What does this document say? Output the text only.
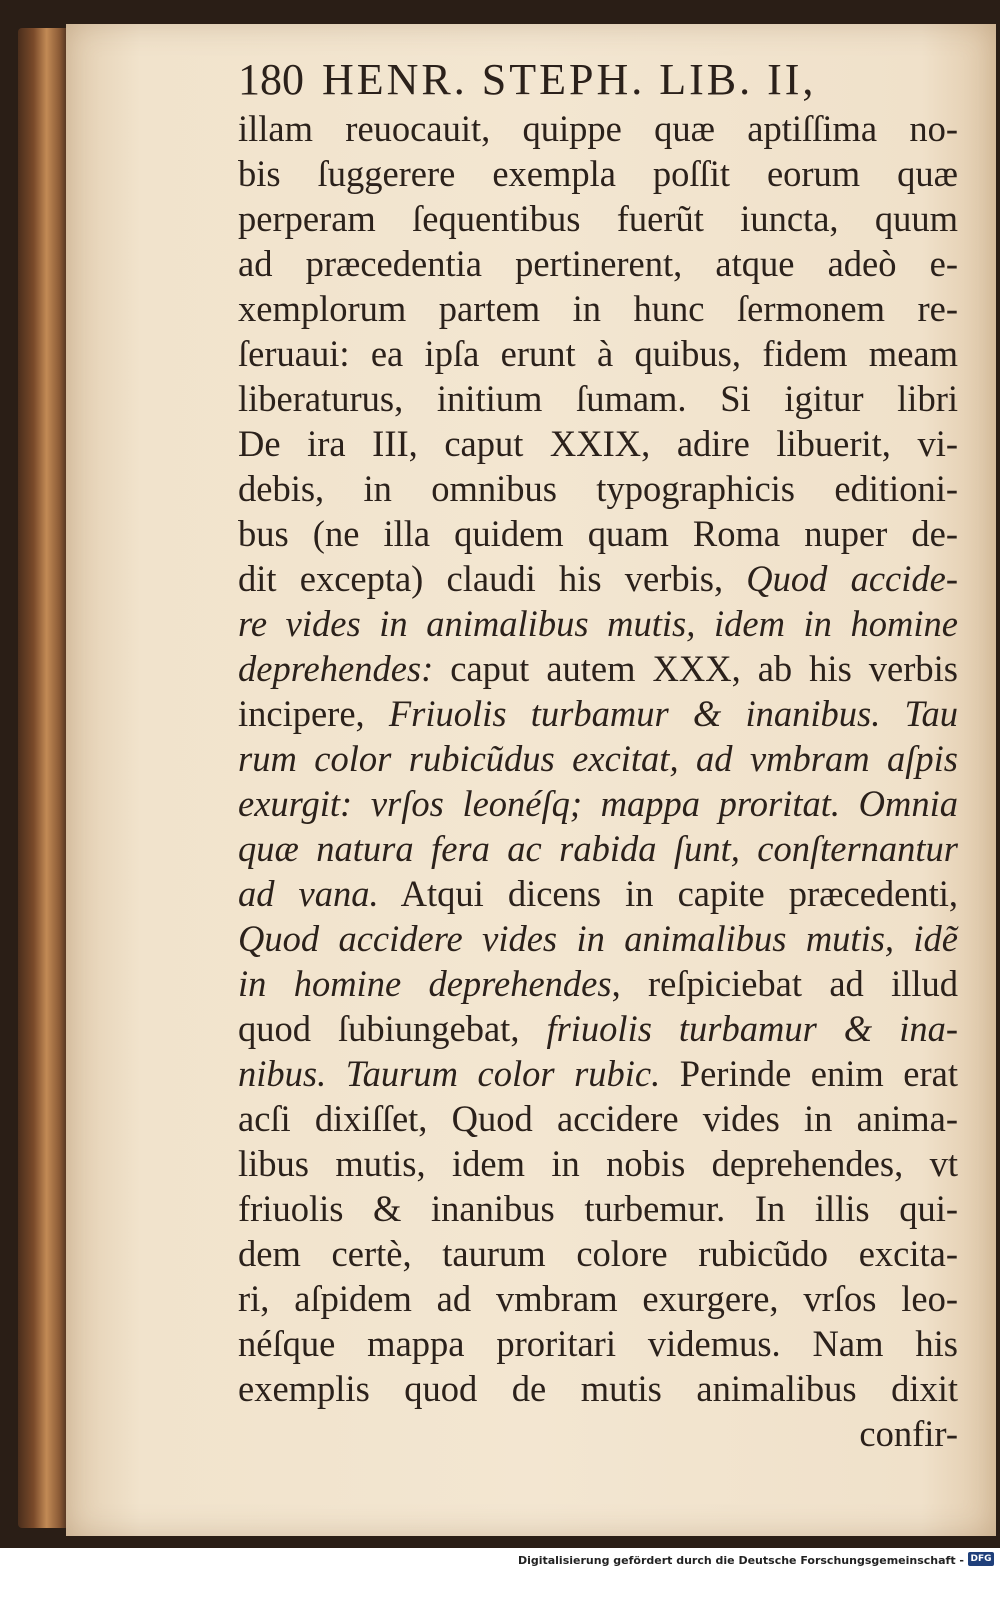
180 HENR. STEPH. LIB. II,
illam reuocauit, quippe quæ aptiſſima no-
bis ſuggerere exempla poſſit eorum quæ
perperam ſequentibus fuerũt iuncta, quum
ad præcedentia pertinerent, atque adeò e-
xemplorum partem in hunc ſermonem re-
ſeruaui: ea ipſa erunt à quibus, fidem meam
liberaturus, initium ſumam. Si igitur libri
De ira III, caput XXIX, adire libuerit, vi-
debis, in omnibus typographicis editioni-
bus (ne illa quidem quam Roma nuper de-
dit excepta) claudi his verbis, Quod accide-
re vides in animalibus mutis, idem in homine
deprehendes: caput autem XXX, ab his verbis
incipere, Friuolis turbamur & inanibus. Tau
rum color rubicũdus excitat, ad vmbram aſpis
exurgit: vrſos leonéſq; mappa proritat. Omnia
quæ natura fera ac rabida ſunt, conſternantur
ad vana. Atqui dicens in capite præcedenti,
Quod accidere vides in animalibus mutis, idẽ
in homine deprehendes, reſpiciebat ad illud
quod ſubiungebat, friuolis turbamur & ina-
nibus. Taurum color rubic. Perinde enim erat
acſi dixiſſet, Quod accidere vides in anima-
libus mutis, idem in nobis deprehendes, vt
friuolis & inanibus turbemur. In illis qui-
dem certè, taurum colore rubicũdo excita-
ri, aſpidem ad vmbram exurgere, vrſos leo-
néſque mappa proritari videmus. Nam his
exemplis quod de mutis animalibus dixit
confir-
Digitalisierung gefördert durch die Deutsche Forschungsgemeinschaft - DFG
